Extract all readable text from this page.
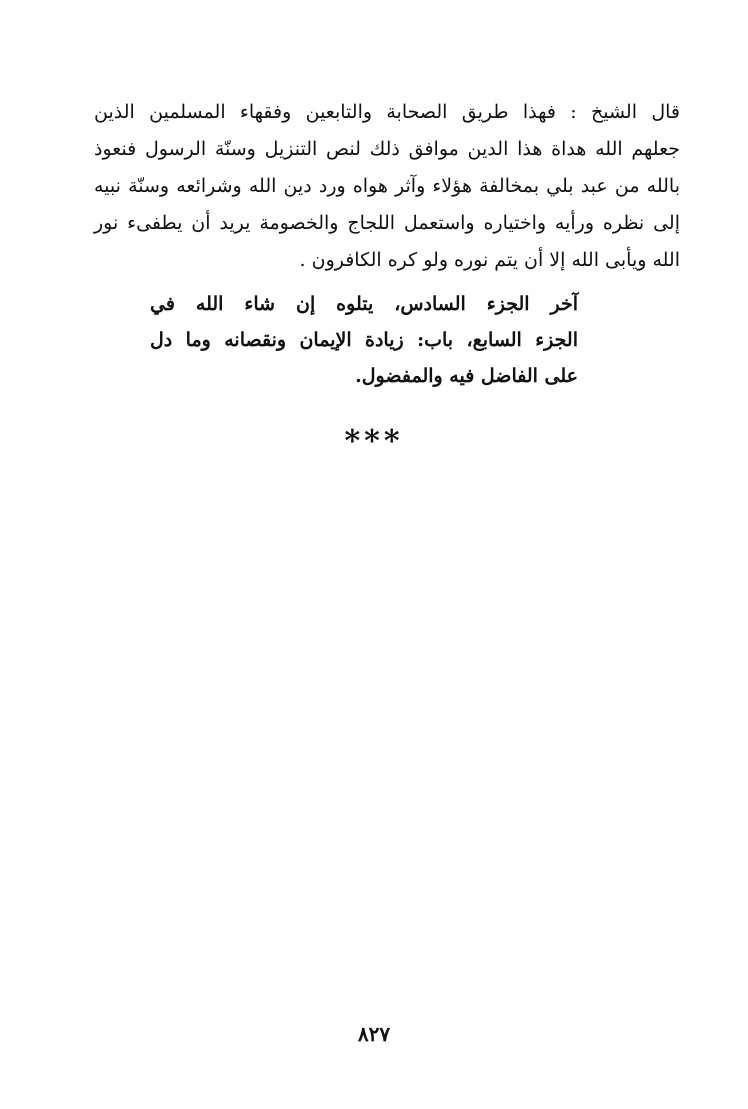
قال الشيخ : فهذا طريق الصحابة والتابعين وفقهاء المسلمين الذين
جعلهم الله هداة هذا الدين موافق ذلك لنص التنزيل وسنّة الرسول فنعوذ
بالله من عبد بلي بمخالفة هؤلاء وآثر هواه ورد دين الله وشرائعه وسنّة نبيه
إلى نظره ورأيه واختياره واستعمل اللجاج والخصومة يريد أن يطفىء نور
الله ويأبى الله إلا أن يتم نوره ولو كره الكافرون .
آخر الجزء السادس، يتلوه إن شاء الله في
الجزء السابع، باب: زيادة الإيمان ونقصانه وما دل
على الفاضل فيه والمفضول.
***
٨٢٧
